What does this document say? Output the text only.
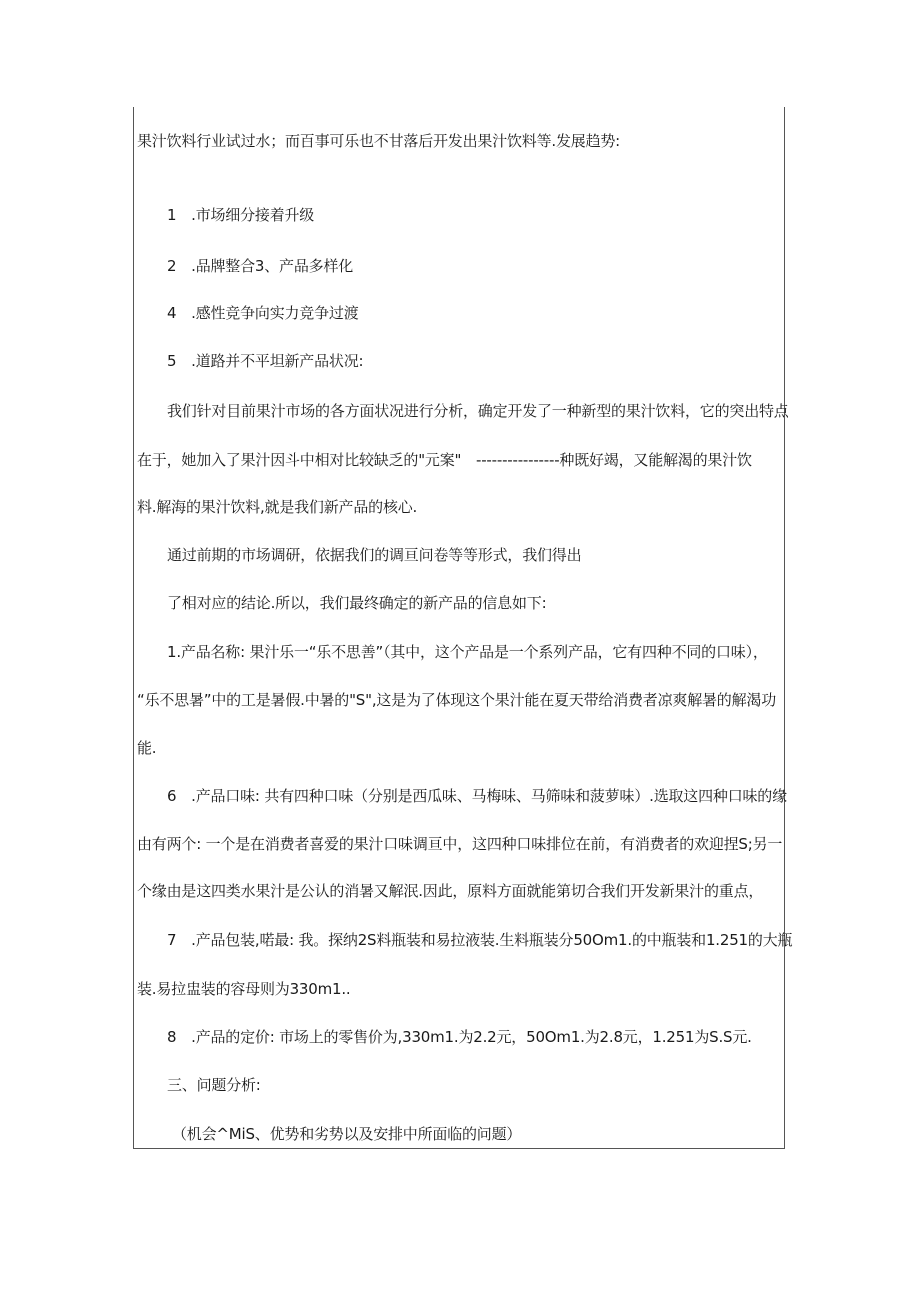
果汁饮料行业试过水；而百事可乐也不甘落后开发出果汁饮料等.发展趋势:
1　.市场细分接着升级
2　.品牌整合3、产品多样化
4　.感性竞争向实力竞争过渡
5　.道路并不平坦新产品状况:
我们针对目前果汁市场的各方面状况进行分析，确定开发了一种新型的果汁饮料，它的突出特点
在于，她加入了果汁因斗中相对比较缺乏的"元案"　----------------种既好竭，又能解渴的果汁饮
料.解海的果汁饮料,就是我们新产品的核心.
通过前期的市场调研，依据我们的调亘问卷等等形式，我们得出
了相对应的结论.所以，我们最终确定的新产品的信息如下:
1.产品名称: 果汁乐一“乐不思善”（其中，这个产品是一个系列产品，它有四种不同的口味），
“乐不思暑”中的工是暑假.中暑的"S",这是为了体现这个果汁能在夏天带给消费者凉爽解暑的解渴功
能.
6　.产品口味: 共有四种口味（分别是西瓜味、马梅味、马筛味和菠萝味）.选取这四种口味的缘
由有两个: 一个是在消费者喜爱的果汁口味调亘中，这四种口味排位在前，有消费者的欢迎捏S;另一
个缘由是这四类水果汁是公认的消暑又解泯.因此，原料方面就能第切合我们开发新果汁的重点，
7　.产品包装,喏最: 我。探纳2S料瓶装和易拉液装.生料瓶装分50Om1.的中瓶装和1.251的大瓶
装.易拉盅装的容母则为330m1..
8　.产品的定价: 市场上的零售价为,330m1.为2.2元，50Om1.为2.8元，1.251为S.S元.
三、问题分析:
（机会^MiS、优势和劣势以及安排中所面临的问题）
